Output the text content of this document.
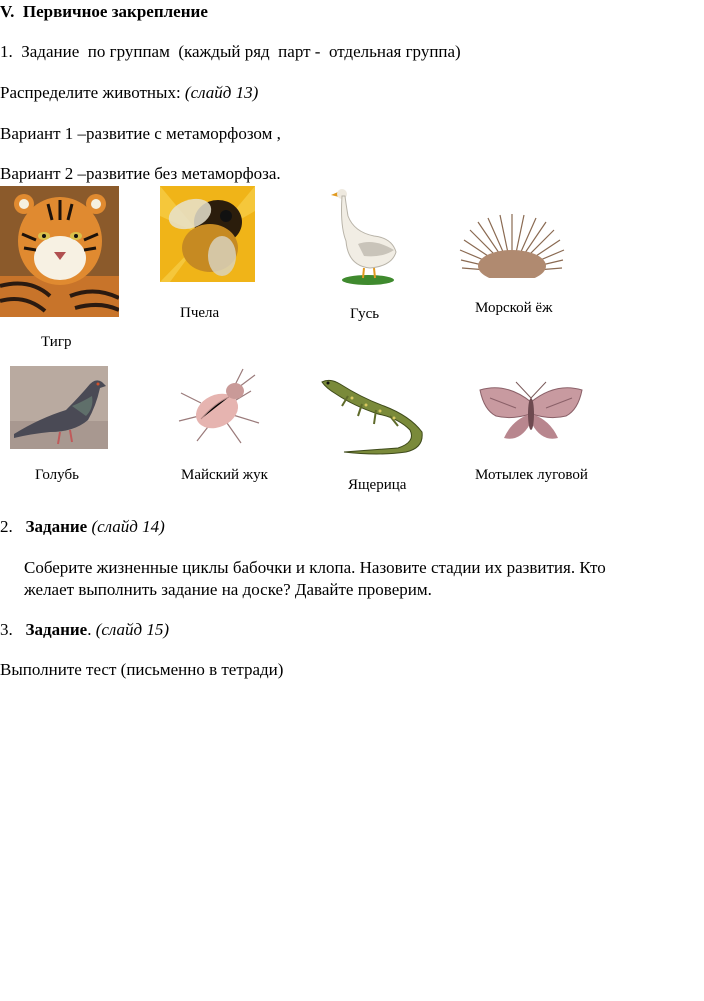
V. Первичное закрепление
1. Задание  по группам  (каждый ряд  парт -  отдельная группа)
Распределите животных: (слайд 13)
Вариант 1 –развитие с метаморфозом ,
Вариант 2 –развитие без метаморфоза.
Тигр
Пчела	Гусь	Морской ёж
Голубь	Майский жук
Ящерица
Мотылек луговой
2. Задание (слайд 14)
Соберите жизненные циклы бабочки и клопа. Назовите стадии их развития. Кто
желает выполнить задание на доске? Давайте проверим.
3. Задание. (слайд 15)
Выполните тест (письменно в тетради)
